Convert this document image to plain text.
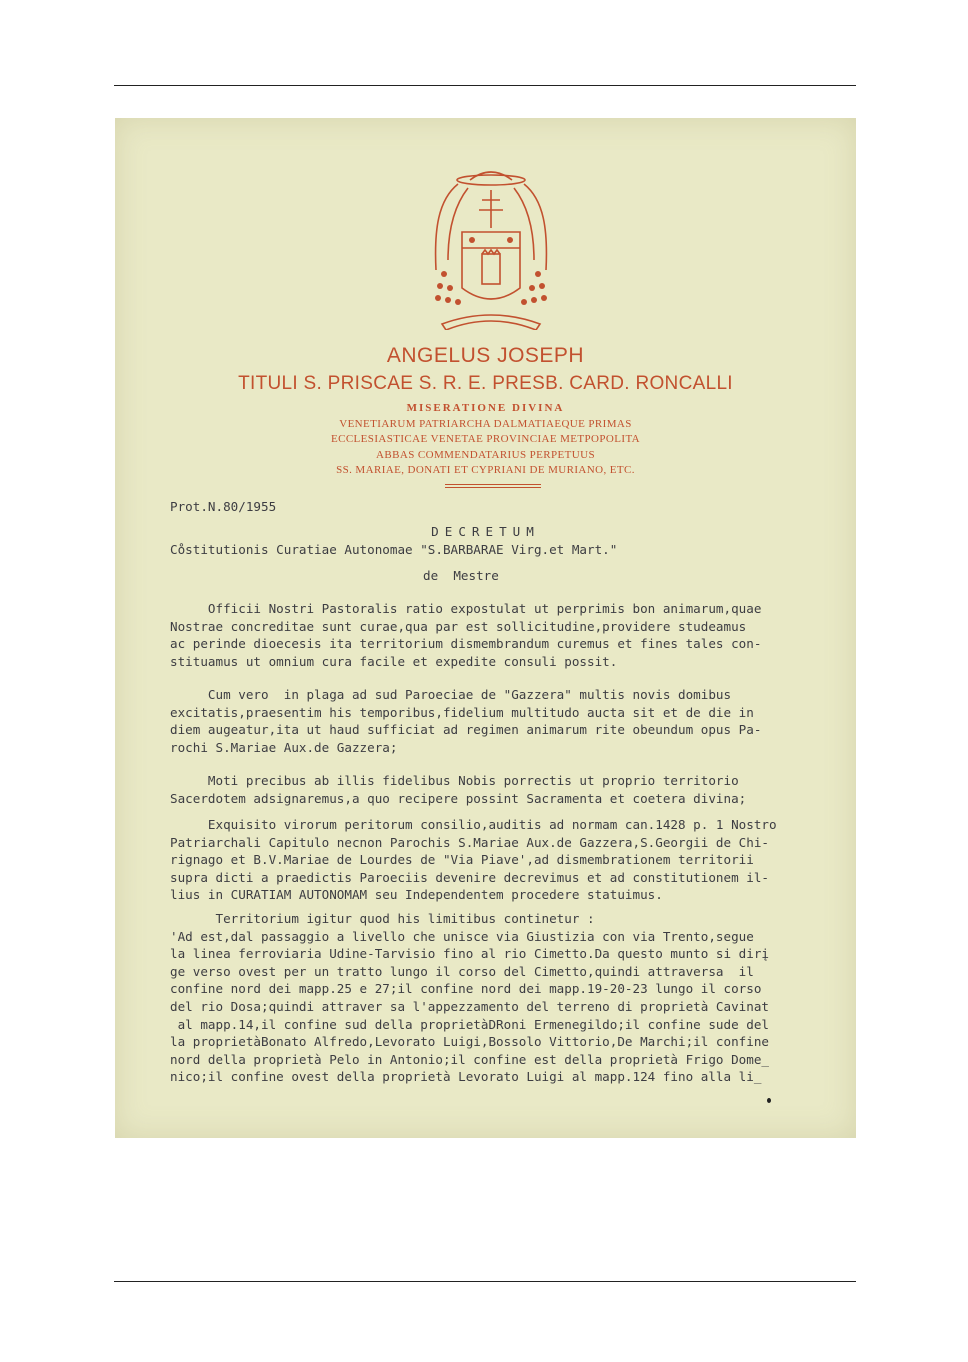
ANGELUS JOSEPH
TITULI S. PRISCAE S. R. E. PRESB. CARD. RONCALLI
MISERATIONE DIVINA
VENETIARUM PATRIARCHA DALMATIAEQUE PRIMAS
ECCLESIASTICAE VENETAE PROVINCIAE METPOPOLITA
ABBAS COMMENDATARIUS PERPETUUS
SS. MARIAE, DONATI ET CYPRIANI DE MURIANO, ETC.
Prot.N.80/1955
DECRETUM
Co̊stitutionis Curatiae Autonomae "S.BARBARAE Virg.et Mart."
de  Mestre
Officii Nostri Pastoralis ratio expostulat ut perprimis bon animarum,quae
Nostrae concreditae sunt curae,qua par est sollicitudine,providere studeamus
ac perinde dioecesis ita territorium dismembrandum curemus et fines tales con-
stituamus ut omnium cura facile et expedite consuli possit.
Cum vero  in plaga ad sud Paroeciae de "Gazzera" multis novis domibus
excitatis,praesentim his temporibus,fidelium multitudo aucta sit et de die in
diem augeatur,ita ut haud sufficiat ad regimen animarum rite obeundum opus Pa-
rochi S.Mariae Aux.de Gazzera;
Moti precibus ab illis fidelibus Nobis porrectis ut proprio territorio
Sacerdotem adsignaremus,a quo recipere possint Sacramenta et coetera divina;
Exquisito virorum peritorum consilio,auditis ad normam can.1428 p. 1 Nostro
Patriarchali Capitulo necnon Parochis S.Mariae Aux.de Gazzera,S.Georgii de Chi-
rignago et B.V.Mariae de Lourdes de "Via Piave',ad dismembrationem territorii
supra dicti a praedictis Paroeciis devenire decrevimus et ad constitutionem il-
lius in CURATIAM AUTONOMAM seu Independentem procedere statuimus.
Territorium igitur quod his limitibus continetur :
'Ad est,dal passaggio a livello che unisce via Giustizia con via Trento,segue
la linea ferroviaria Udine-Tarvisio fino al rio Cimetto.Da questo munto si dirį
ge verso ovest per un tratto lungo il corso del Cimetto,quindi attraversa  il
confine nord dei mapp.25 e 27;il confine nord dei mapp.19-20-23 lungo il corso
del rio Dosa;quindi attraver sa l'appezzamento del terreno di proprietà Cavinat
al mapp.14,il confine sud della proprietàDRoni Ermenegildo;il confine sude del
la proprietàBonato Alfredo,Levorato Luigi,Bossolo Vittorio,De Marchi;il confine
nord della proprietà Pelo in Antonio;il confine est della proprietà Frigo Dome_
nico;il confine ovest della proprietà Levorato Luigi al mapp.124 fino alla li_
